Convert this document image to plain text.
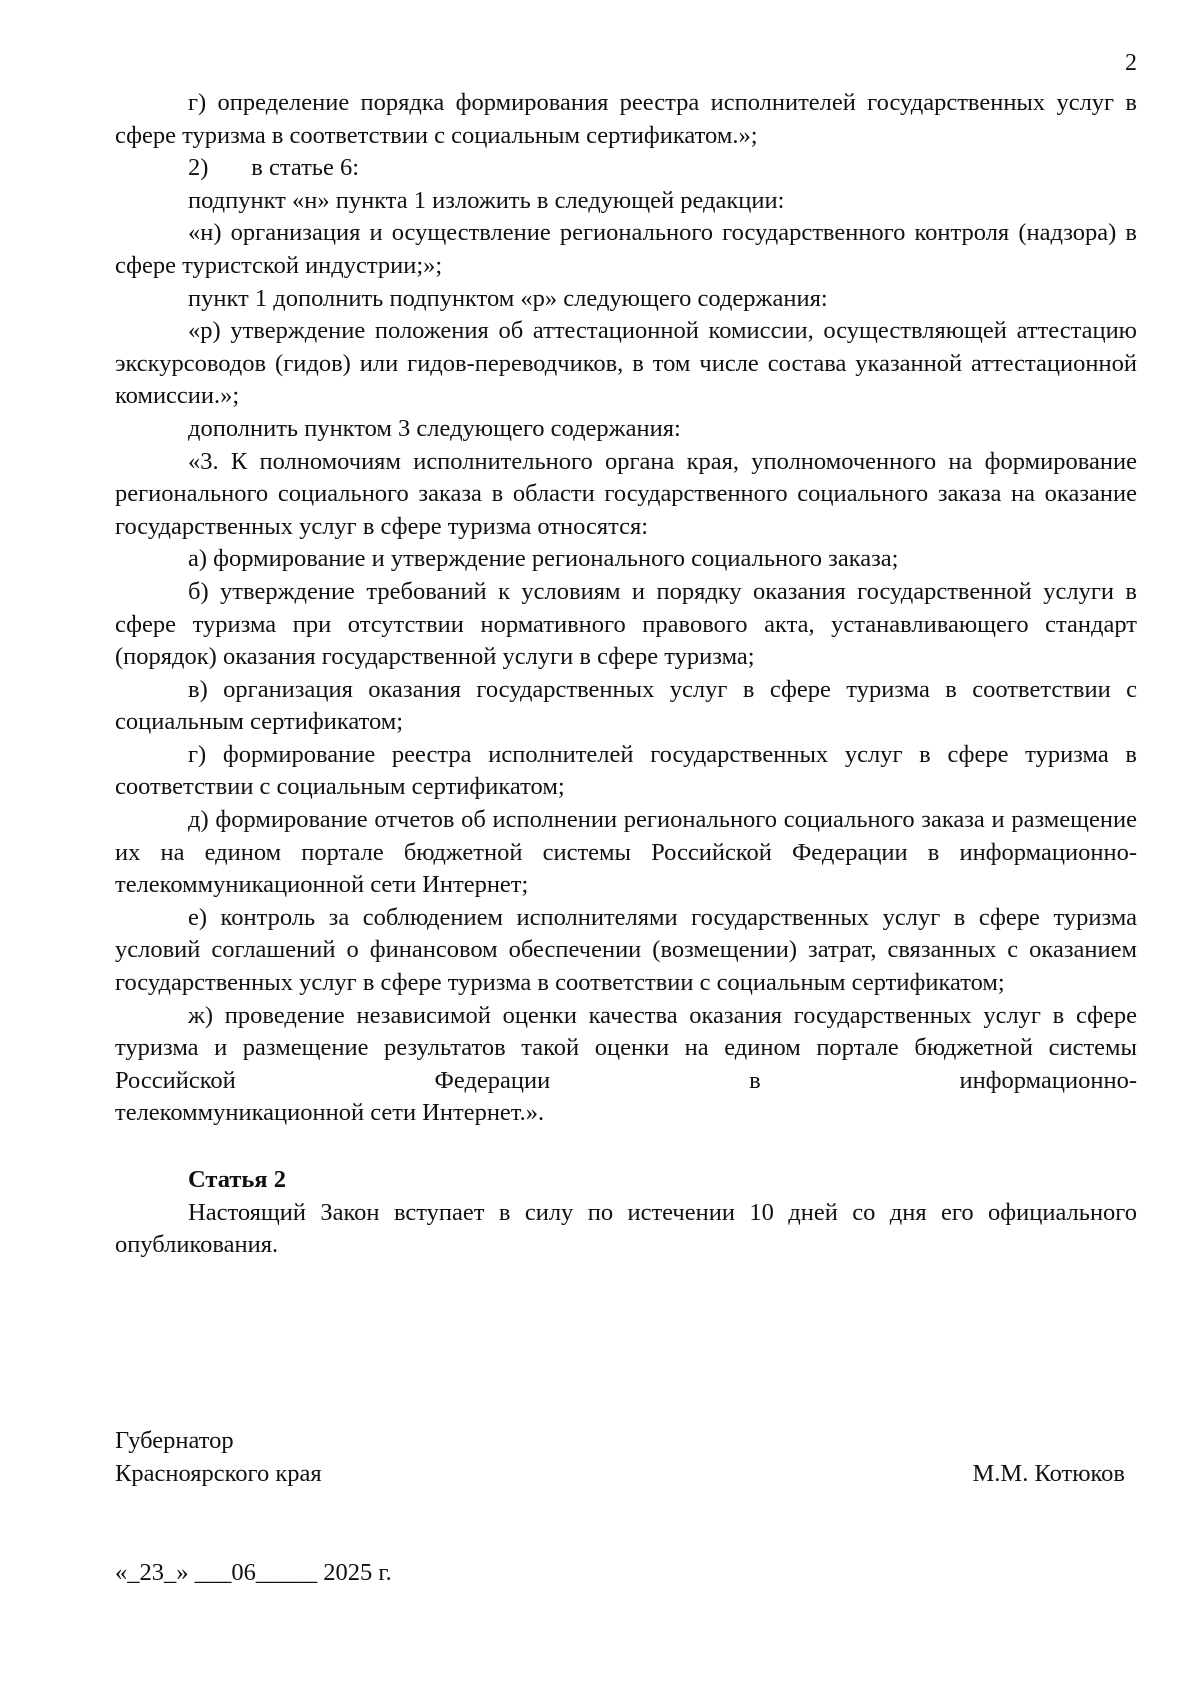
2

г) определение порядка формирования реестра исполнителей государственных услуг в сфере туризма в соответствии с социальным сертификатом.»;

2)   в статье 6:

подпункт «н» пункта 1 изложить в следующей редакции:

«н) организация и осуществление регионального государственного контроля (надзора) в сфере туристской индустрии;»;

пункт 1 дополнить подпунктом «р» следующего содержания:

«р) утверждение положения об аттестационной комиссии, осуществляющей аттестацию экскурсоводов (гидов) или гидов-переводчиков, в том числе состава указанной аттестационной комиссии.»;

дополнить пунктом 3 следующего содержания:

«3. К полномочиям исполнительного органа края, уполномоченного на формирование регионального социального заказа в области государственного социального заказа на оказание государственных услуг в сфере туризма относятся:

а) формирование и утверждение регионального социального заказа;

б) утверждение требований к условиям и порядку оказания государственной услуги в сфере туризма при отсутствии нормативного правового акта, устанавливающего стандарт (порядок) оказания государственной услуги в сфере туризма;

в) организация оказания государственных услуг в сфере туризма в соответствии с социальным сертификатом;

г) формирование реестра исполнителей государственных услуг в сфере туризма в соответствии с социальным сертификатом;

д) формирование отчетов об исполнении регионального социального заказа и размещение их на едином портале бюджетной системы Российской Федерации в информационно-телекоммуникационной сети Интернет;

е) контроль за соблюдением исполнителями государственных услуг в сфере туризма условий соглашений о финансовом обеспечении (возмещении) затрат, связанных с оказанием государственных услуг в сфере туризма в соответствии с социальным сертификатом;

ж) проведение независимой оценки качества оказания государственных услуг в сфере туризма и размещение результатов такой оценки на едином портале бюджетной системы Российской Федерации в информационно-

телекоммуникационной сети Интернет.».

Статья 2

Настоящий Закон вступает в силу по истечении 10 дней со дня его официального опубликования.

Губернатор
Красноярского края	М.М. Котюков
«_23_» ___06_____ 2025 г.
